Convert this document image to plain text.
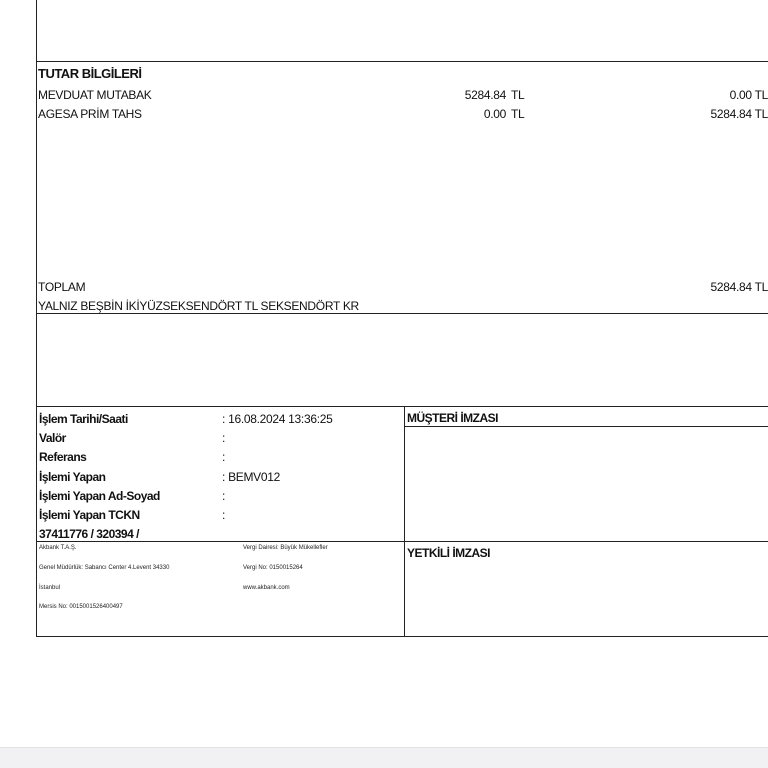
TUTAR BİLGİLERİ
MEVDUAT MUTABAK	5284.84 TL	0.00 TL
AGESA PRİM TAHS	0.00 TL	5284.84 TL
TOPLAM	5284.84 TL
YALNIZ BEŞBİN İKİYÜZSEKSENDÖRT TL SEKSENDÖRT KR
İşlem Tarihi/Saati	: 16.08.2024 13:36:25
Valör	:
Referans	:
İşlemi Yapan	: BEMV012
İşlemi Yapan Ad-Soyad	:
İşlemi Yapan TCKN	:
37411776 / 320394 /
MÜŞTERİ İMZASI
YETKİLİ İMZASI
Akbank T.A.Ş.
Genel Müdürlük: Sabancı Center 4.Levent 34330
İstanbul
Mersis No: 0015001526400497
Vergi Dairesi: Büyük Mükellefler
Vergi No: 0150015264
www.akbank.com
